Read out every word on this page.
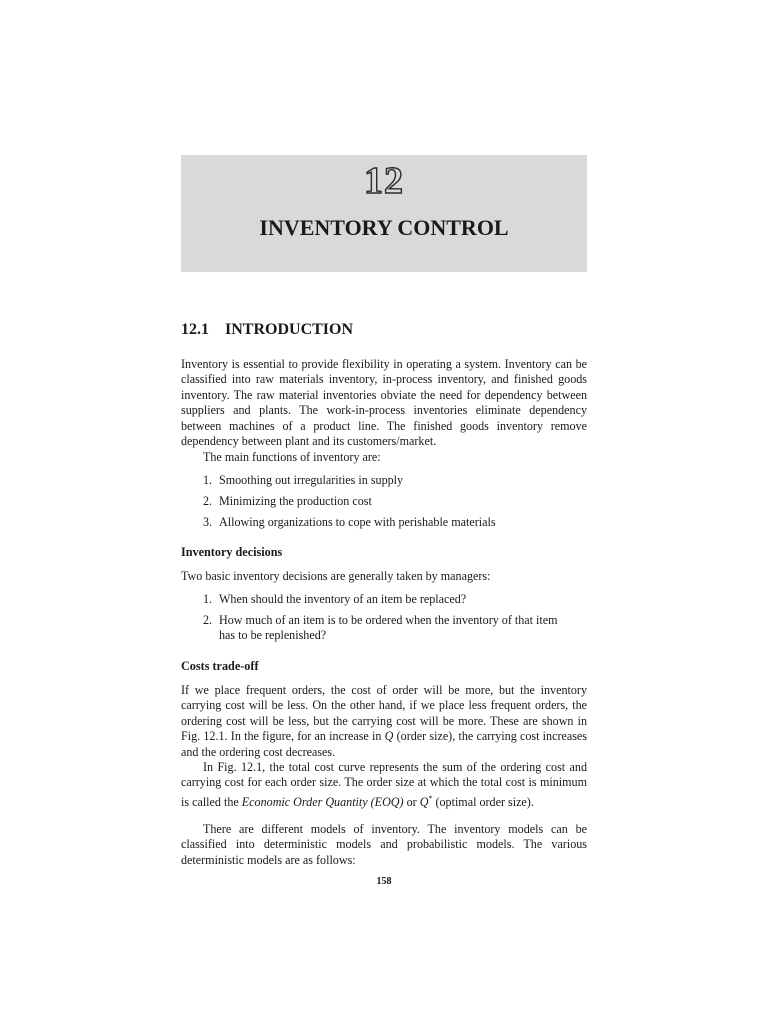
12
INVENTORY CONTROL
12.1 INTRODUCTION

Inventory is essential to provide flexibility in operating a system. Inventory can be classified into raw materials inventory, in-process inventory, and finished goods inventory. The raw material inventories obviate the need for dependency between suppliers and plants. The work-in-process inventories eliminate dependency between machines of a product line. The finished goods inventory remove dependency between plant and its customers/market.

The main functions of inventory are:

1. Smoothing out irregularities in supply
2. Minimizing the production cost
3. Allowing organizations to cope with perishable materials
Inventory decisions

Two basic inventory decisions are generally taken by managers:

1. When should the inventory of an item be replaced?
2. How much of an item is to be ordered when the inventory of that item
has to be replenished?
Costs trade-off

If we place frequent orders, the cost of order will be more, but the inventory carrying cost will be less. On the other hand, if we place less frequent orders, the ordering cost will be less, but the carrying cost will be more. These are shown in Fig. 12.1. In the figure, for an increase in Q (order size), the carrying cost increases and the ordering cost decreases.

In Fig. 12.1, the total cost curve represents the sum of the ordering cost and carrying cost for each order size. The order size at which the total cost is minimum is called the Economic Order Quantity (EOQ) or Q* (optimal order size).

There are different models of inventory. The inventory models can be classified into deterministic models and probabilistic models. The various deterministic models are as follows:

158
